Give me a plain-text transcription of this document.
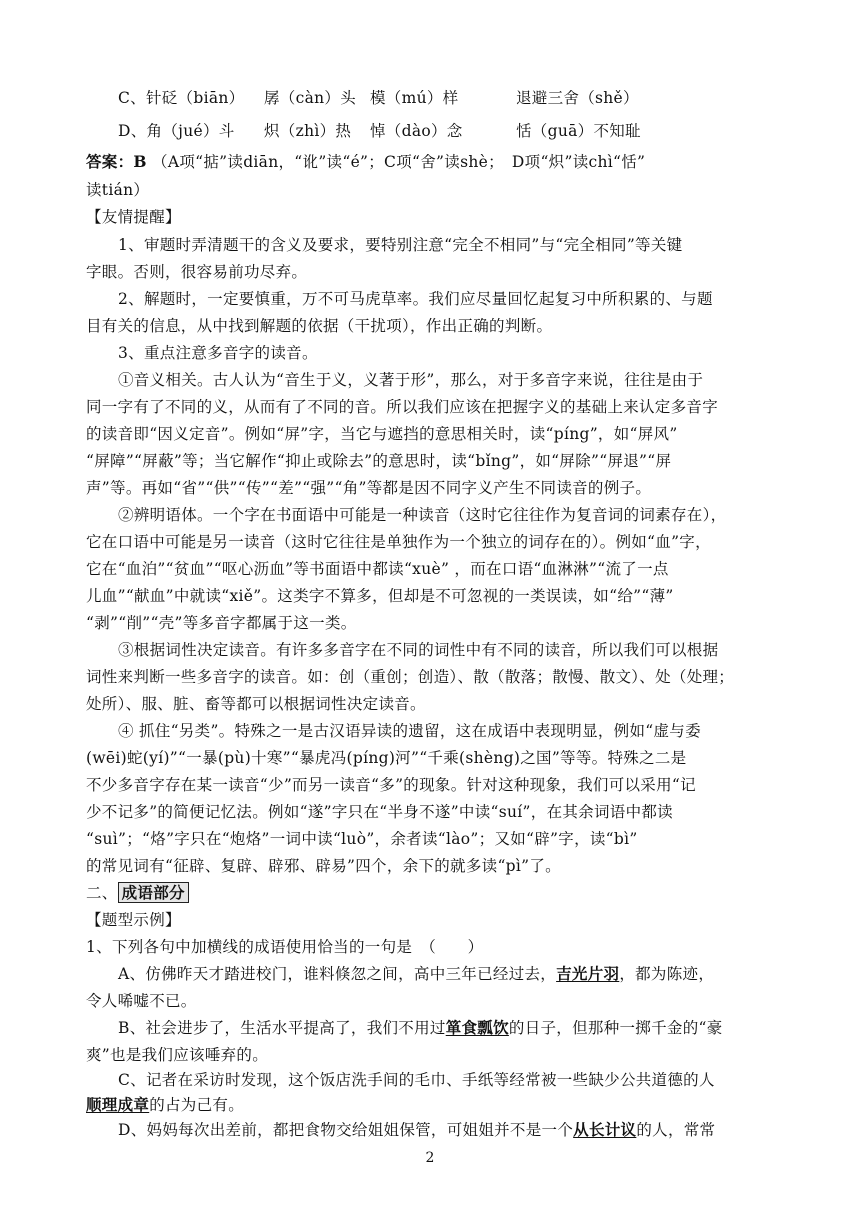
C、针砭（biān） 孱（càn）头 模（mú）样	退避三舍（shě）
D、角（jué）斗 炽（zhì）热 悼（dào）念	恬（guā）不知耻
答案：B （A项“掂”读diān，“讹”读“é”；C项“舍”读shè；　D项“炽”读chì“恬”
读tián）
【友情提醒】
1、审题时弄清题干的含义及要求，要特别注意“完全不相同”与“完全相同”等关键
字眼。否则，很容易前功尽弃。
2、解题时，一定要慎重，万不可马虎草率。我们应尽量回忆起复习中所积累的、与题
目有关的信息，从中找到解题的依据（干扰项），作出正确的判断。
3、重点注意多音字的读音。
①音义相关。古人认为“音生于义，义著于形”，那么，对于多音字来说，往往是由于
同一字有了不同的义，从而有了不同的音。所以我们应该在把握字义的基础上来认定多音字
的读音即“因义定音”。例如“屏”字，当它与遮挡的意思相关时，读“píng”，如“屏风”
“屏障”“屏蔽”等；当它解作“抑止或除去”的意思时，读“bǐng”，如“屏除”“屏退”“屏
声”等。再如“省”“供”“传”“差”“强”“角”等都是因不同字义产生不同读音的例子。
②辨明语体。一个字在书面语中可能是一种读音（这时它往往作为复音词的词素存在），
它在口语中可能是另一读音（这时它往往是单独作为一个独立的词存在的）。例如“血”字，
它在“血泊”“贫血”“呕心沥血”等书面语中都读“xuè” ，而在口语“血淋淋”“流了一点
儿血”“献血”中就读“xiě”。这类字不算多，但却是不可忽视的一类误读，如“给”“薄”
“剥”“削”“壳”等多音字都属于这一类。
③根据词性决定读音。有许多多音字在不同的词性中有不同的读音，所以我们可以根据
词性来判断一些多音字的读音。如：创（重创；创造）、散（散落；散慢、散文）、处（处理；
处所）、服、脏、畜等都可以根据词性决定读音。
④ 抓住“另类”。特殊之一是古汉语异读的遗留，这在成语中表现明显，例如“虚与委
(wēi)蛇(yí)”“一暴(pù)十寒”“暴虎冯(píng)河”“千乘(shèng)之国”等等。特殊之二是
不少多音字存在某一读音“少”而另一读音“多”的现象。针对这种现象，我们可以采用“记
少不记多”的简便记忆法。例如“遂”字只在“半身不遂”中读“suí”，在其余词语中都读
“suì”；“烙”字只在“炮烙”一词中读“luò”，余者读“lào”；又如“辟”字，读“bì”
的常见词有“征辟、复辟、辟邪、辟易”四个，余下的就多读“pì”了。
二、 成语部分
【题型示例】
1、下列各句中加横线的成语使用恰当的一句是　（　　）
A、仿佛昨天才踏进校门，谁料倏忽之间，高中三年已经过去，吉光片羽，都为陈迹，
令人唏嘘不已。
B、社会进步了，生活水平提高了，我们不用过箪食瓢饮的日子，但那种一掷千金的“豪
爽”也是我们应该唾弃的。
C、记者在采访时发现，这个饭店洗手间的毛巾、手纸等经常被一些缺少公共道德的人
顺理成章的占为己有。
D、妈妈每次出差前，都把食物交给姐姐保管，可姐姐并不是一个从长计议的人，常常
2
